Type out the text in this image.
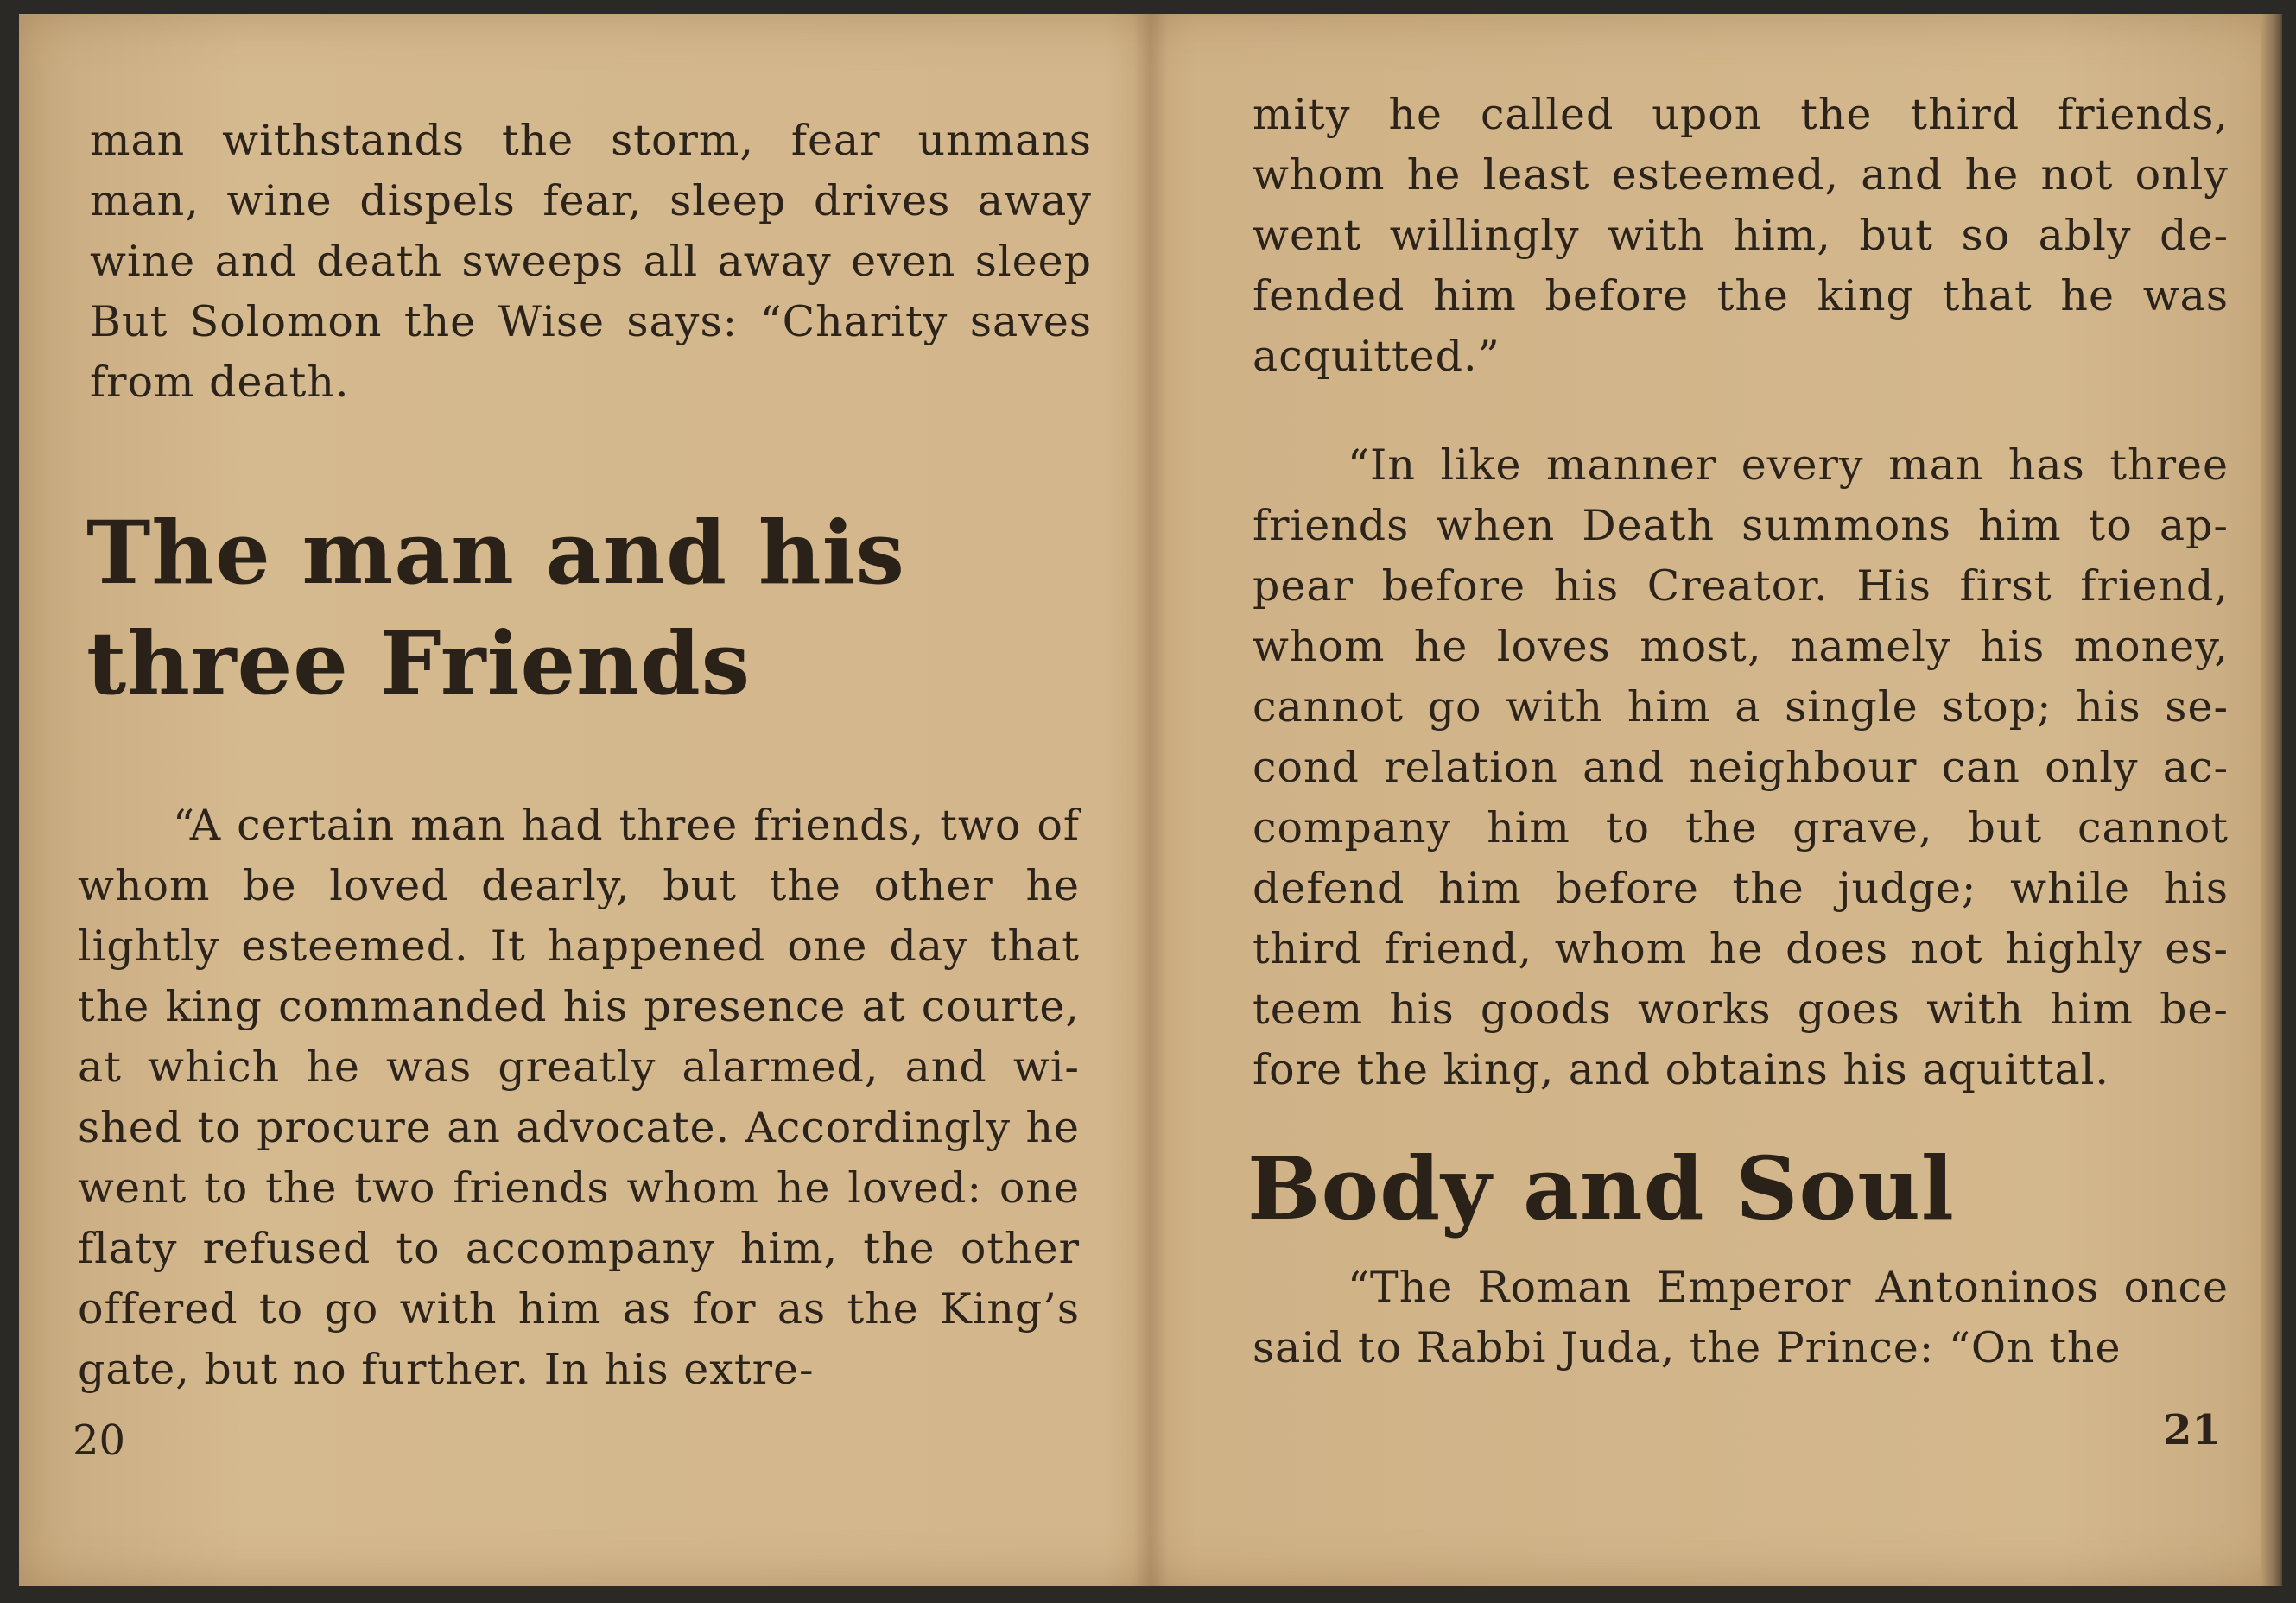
man withstands the storm, fear unmans man, wine dispels fear, sleep drives away wine and death sweeps all away even sleep But Solomon the Wise says: “Charity saves from death.

The man and his
three Friends

“A certain man had three friends, two of whom be loved dearly, but the other he lightly esteemed. It happened one day that the king commanded his presence at courte, at which he was greatly alarmed, and wi-shed to procure an advocate. Accordingly he went to the two friends whom he loved: one flaty refused to accompany him, the other offered to go with him as for as the King’s gate, but no further. In his extre-

20

mity he called upon the third friends, whom he least esteemed, and he not only went willingly with him, but so ably de-fended him before the king that he was acquitted.”

“In like manner every man has three friends when Death summons him to ap-pear before his Creator. His first friend, whom he loves most, namely his money, cannot go with him a single stop; his se-cond relation and neighbour can only ac-company him to the grave, but cannot defend him before the judge; while his third friend, whom he does not highly es-teem his goods works goes with him be-fore the king, and obtains his aquittal.

Body and Soul

“The Roman Emperor Antoninos once said to Rabbi Juda, the Prince: “On the

21
